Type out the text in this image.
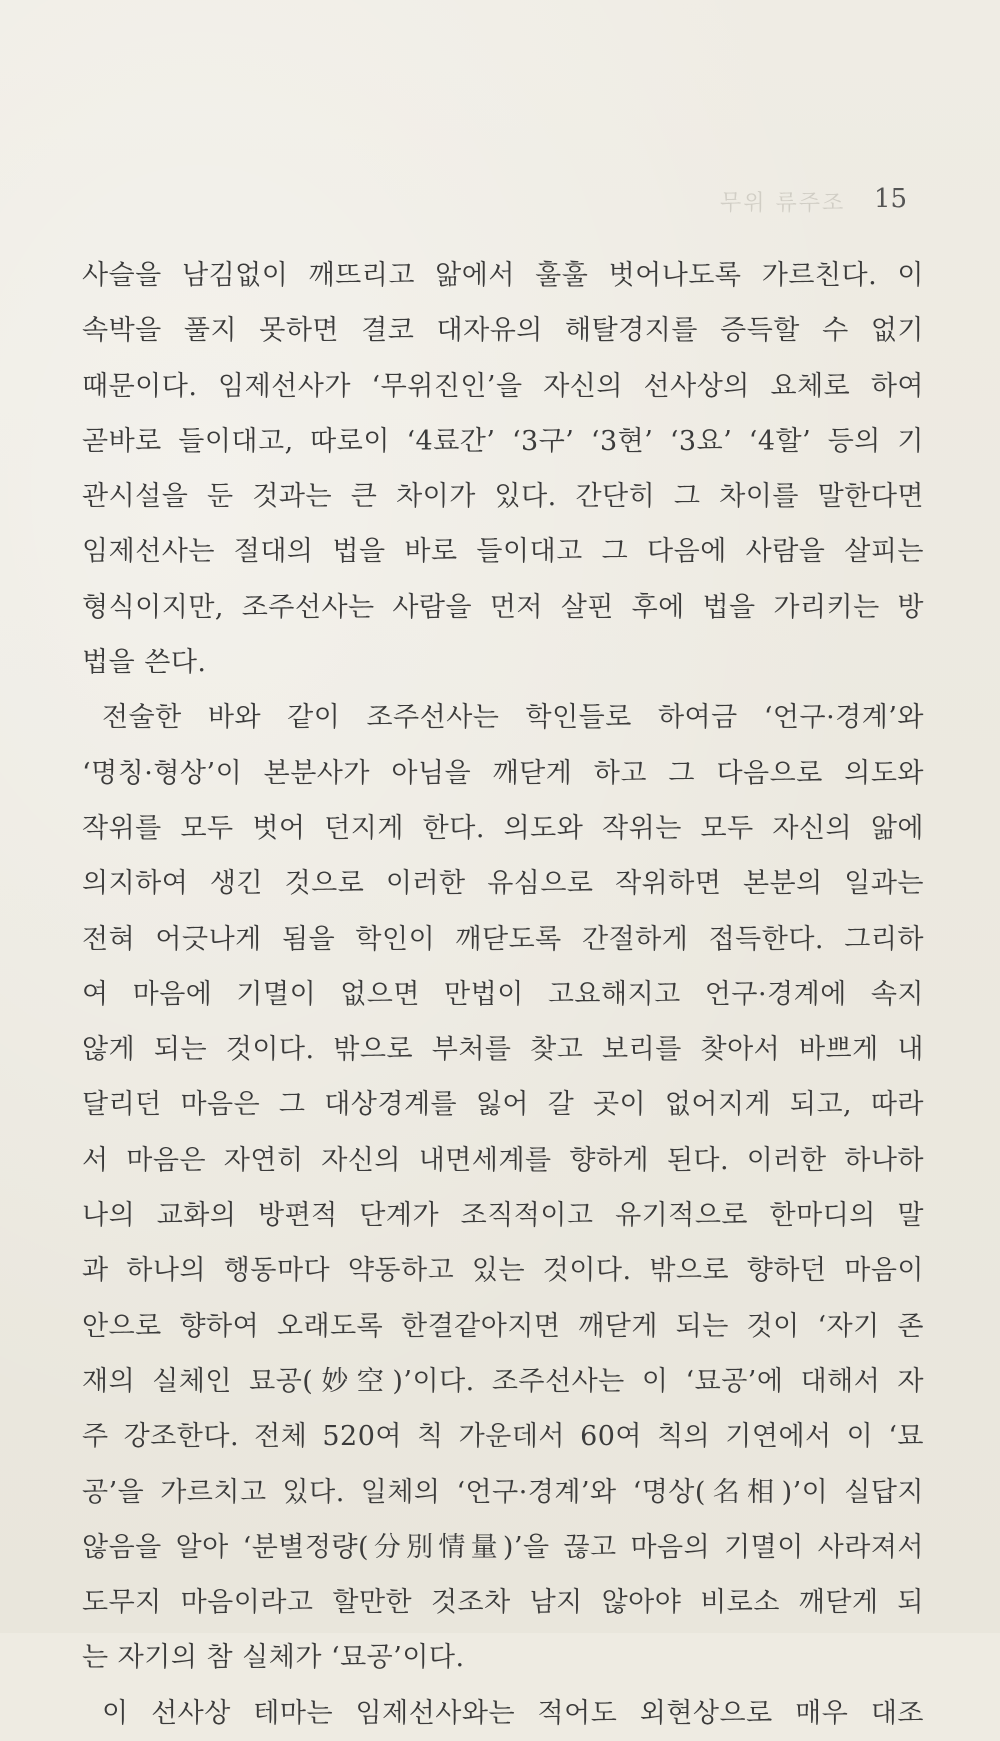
무위 류주조 15
사슬을 남김없이 깨뜨리고 앎에서 훌훌 벗어나도록 가르친다. 이
속박을 풀지 못하면 결코 대자유의 해탈경지를 증득할 수 없기
때문이다. 임제선사가 ‘무위진인’을 자신의 선사상의 요체로 하여
곧바로 들이대고, 따로이 ‘4료간’ ‘3구’ ‘3현’ ‘3요’ ‘4할’ 등의 기
관시설을 둔 것과는 큰 차이가 있다. 간단히 그 차이를 말한다면
임제선사는 절대의 법을 바로 들이대고 그 다음에 사람을 살피는
형식이지만, 조주선사는 사람을 먼저 살핀 후에 법을 가리키는 방
법을 쓴다.
전술한 바와 같이 조주선사는 학인들로 하여금 ‘언구·경계’와
‘명칭·형상’이 본분사가 아님을 깨닫게 하고 그 다음으로 의도와
작위를 모두 벗어 던지게 한다. 의도와 작위는 모두 자신의 앎에
의지하여 생긴 것으로 이러한 유심으로 작위하면 본분의 일과는
전혀 어긋나게 됨을 학인이 깨닫도록 간절하게 접득한다. 그리하
여 마음에 기멸이 없으면 만법이 고요해지고 언구·경계에 속지
않게 되는 것이다. 밖으로 부처를 찾고 보리를 찾아서 바쁘게 내
달리던 마음은 그 대상경계를 잃어 갈 곳이 없어지게 되고, 따라
서 마음은 자연히 자신의 내면세계를 향하게 된다. 이러한 하나하
나의 교화의 방편적 단계가 조직적이고 유기적으로 한마디의 말
과 하나의 행동마다 약동하고 있는 것이다. 밖으로 향하던 마음이
안으로 향하여 오래도록 한결같아지면 깨닫게 되는 것이 ‘자기 존
재의 실체인 묘공(妙空)’이다. 조주선사는 이 ‘묘공’에 대해서 자
주 강조한다. 전체 520여 칙 가운데서 60여 칙의 기연에서 이 ‘묘
공’을 가르치고 있다. 일체의 ‘언구·경계’와 ‘명상(名相)’이 실답지
않음을 알아 ‘분별정량(分別情量)’을 끊고 마음의 기멸이 사라져서
도무지 마음이라고 할만한 것조차 남지 않아야 비로소 깨닫게 되
는 자기의 참 실체가 ‘묘공’이다.
이 선사상 테마는 임제선사와는 적어도 외현상으로 매우 대조
